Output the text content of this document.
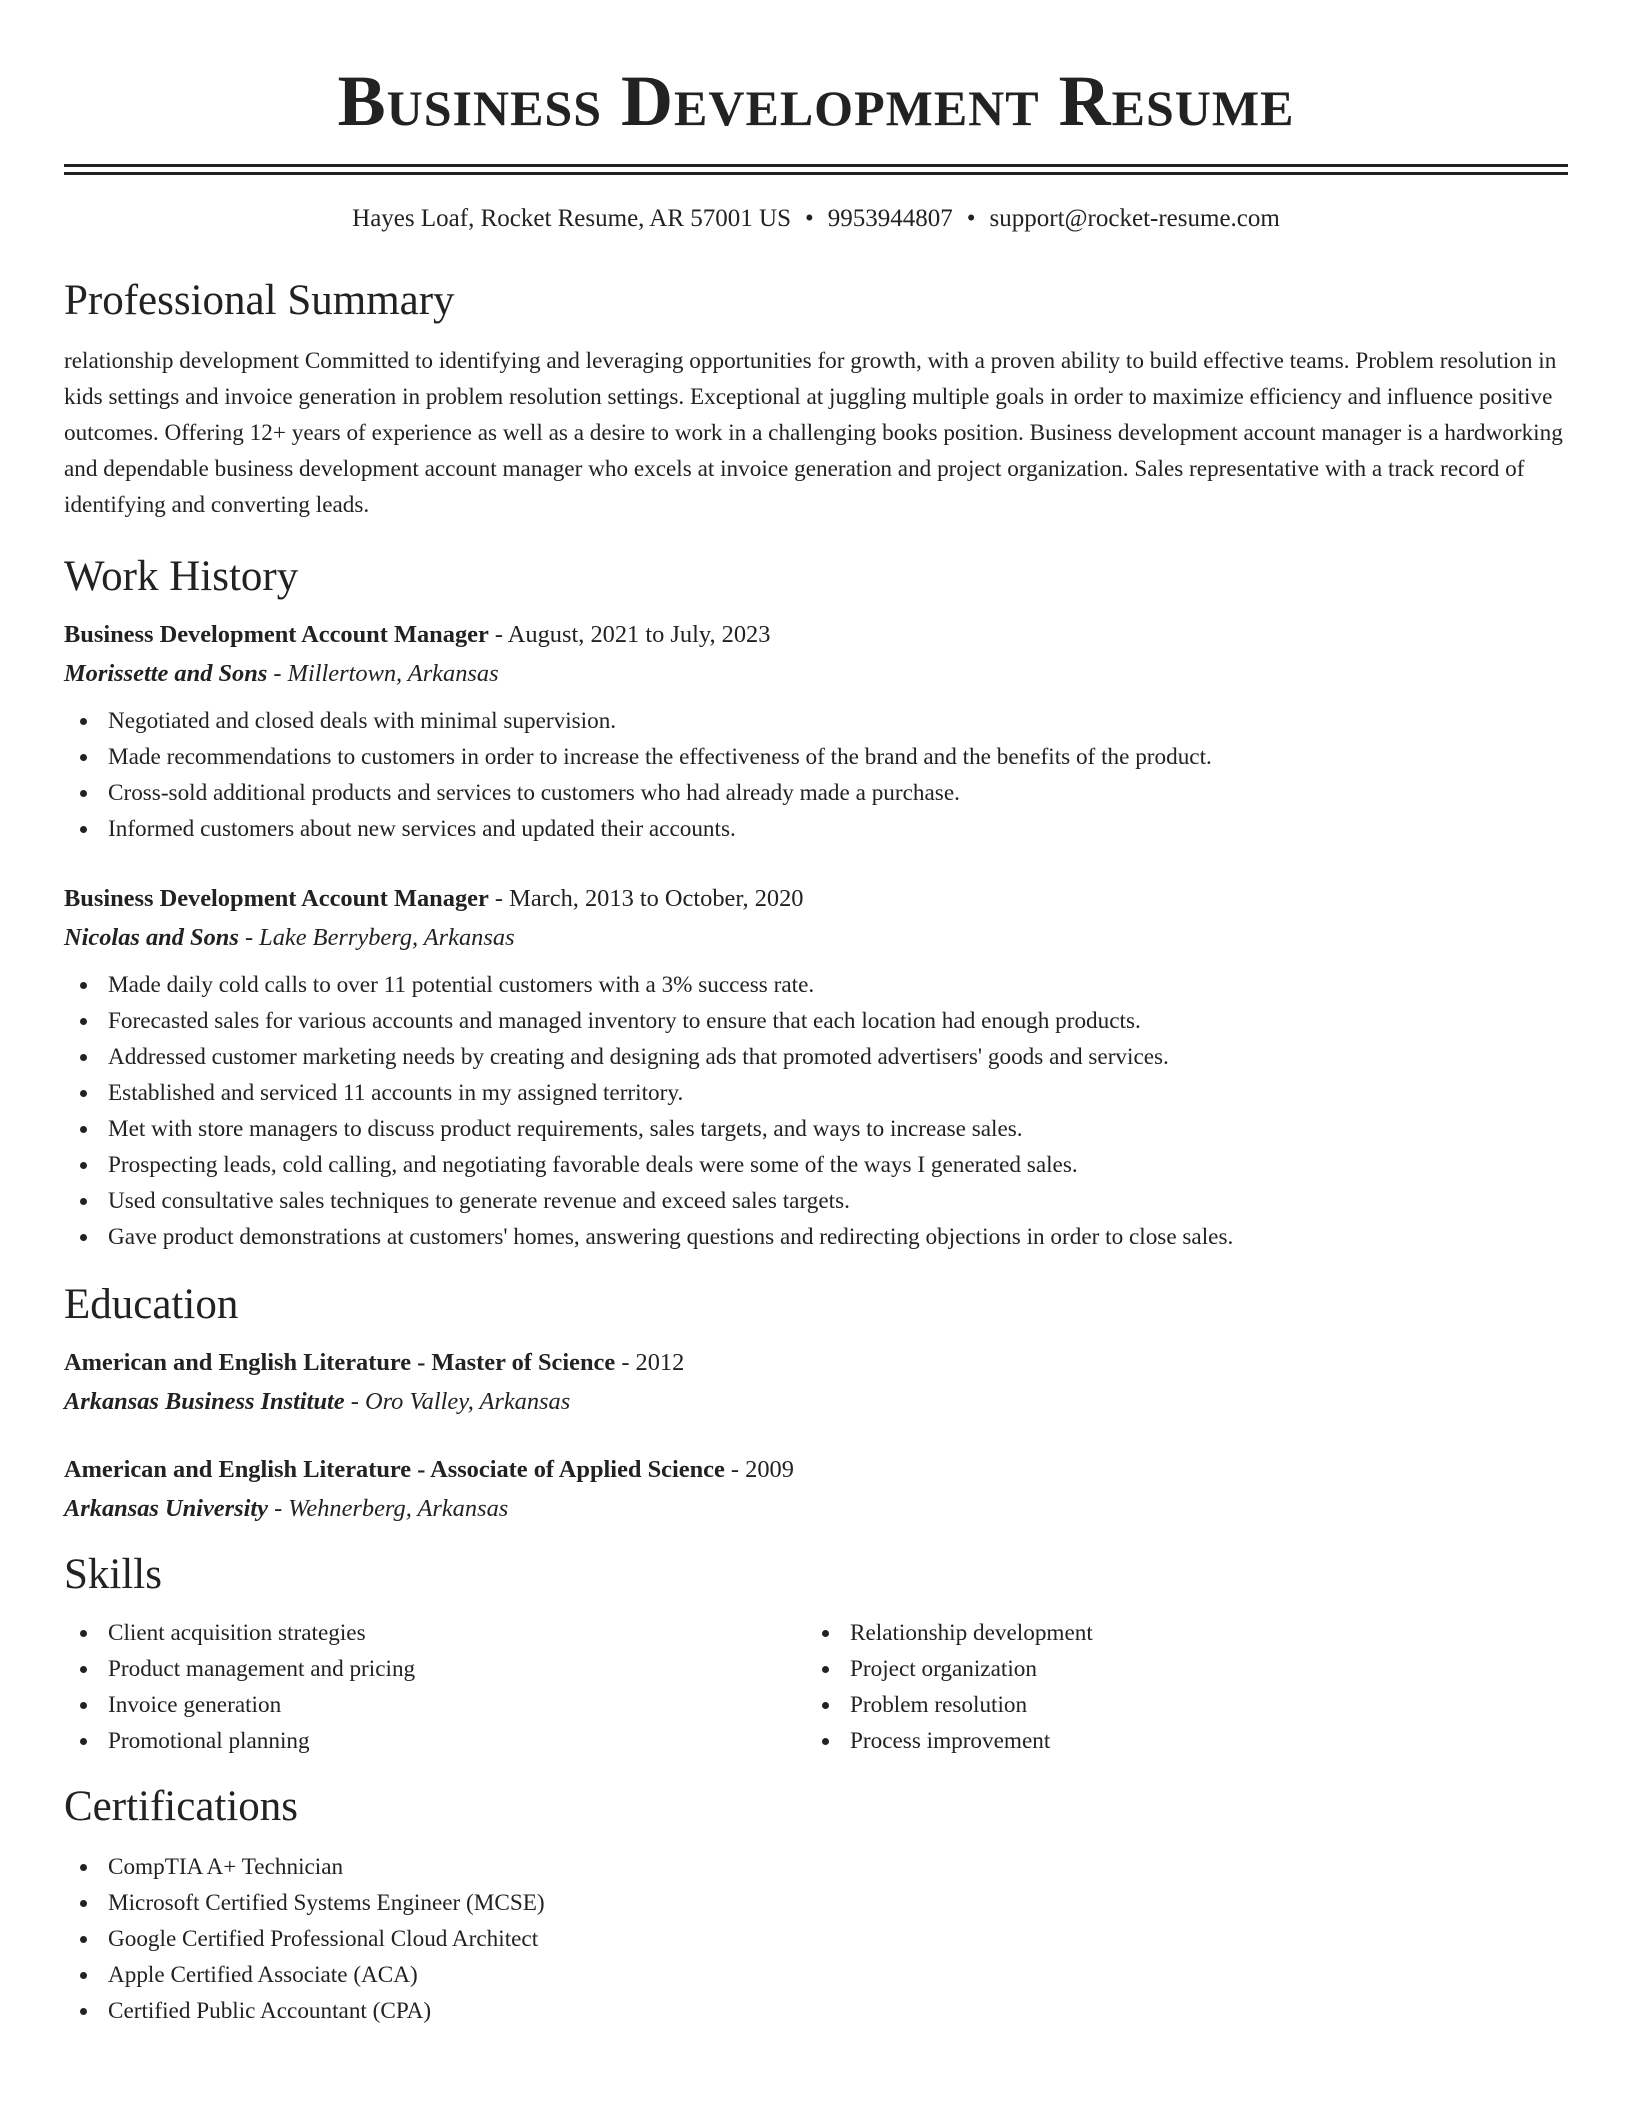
Business Development Resume
Hayes Loaf, Rocket Resume, AR 57001 US • 9953944807 • support@rocket-resume.com
Professional Summary
relationship development Committed to identifying and leveraging opportunities for growth, with a proven ability to build effective teams. Problem resolution in kids settings and invoice generation in problem resolution settings. Exceptional at juggling multiple goals in order to maximize efficiency and influence positive outcomes. Offering 12+ years of experience as well as a desire to work in a challenging books position. Business development account manager is a hardworking and dependable business development account manager who excels at invoice generation and project organization. Sales representative with a track record of identifying and converting leads.
Work History
Business Development Account Manager - August, 2021 to July, 2023
Morissette and Sons - Millertown, Arkansas
Negotiated and closed deals with minimal supervision.
Made recommendations to customers in order to increase the effectiveness of the brand and the benefits of the product.
Cross-sold additional products and services to customers who had already made a purchase.
Informed customers about new services and updated their accounts.
Business Development Account Manager - March, 2013 to October, 2020
Nicolas and Sons - Lake Berryberg, Arkansas
Made daily cold calls to over 11 potential customers with a 3% success rate.
Forecasted sales for various accounts and managed inventory to ensure that each location had enough products.
Addressed customer marketing needs by creating and designing ads that promoted advertisers' goods and services.
Established and serviced 11 accounts in my assigned territory.
Met with store managers to discuss product requirements, sales targets, and ways to increase sales.
Prospecting leads, cold calling, and negotiating favorable deals were some of the ways I generated sales.
Used consultative sales techniques to generate revenue and exceed sales targets.
Gave product demonstrations at customers' homes, answering questions and redirecting objections in order to close sales.
Education
American and English Literature - Master of Science - 2012
Arkansas Business Institute - Oro Valley, Arkansas
American and English Literature - Associate of Applied Science - 2009
Arkansas University - Wehnerberg, Arkansas
Skills
Client acquisition strategies
Product management and pricing
Invoice generation
Promotional planning
Relationship development
Project organization
Problem resolution
Process improvement
Certifications
CompTIA A+ Technician
Microsoft Certified Systems Engineer (MCSE)
Google Certified Professional Cloud Architect
Apple Certified Associate (ACA)
Certified Public Accountant (CPA)
